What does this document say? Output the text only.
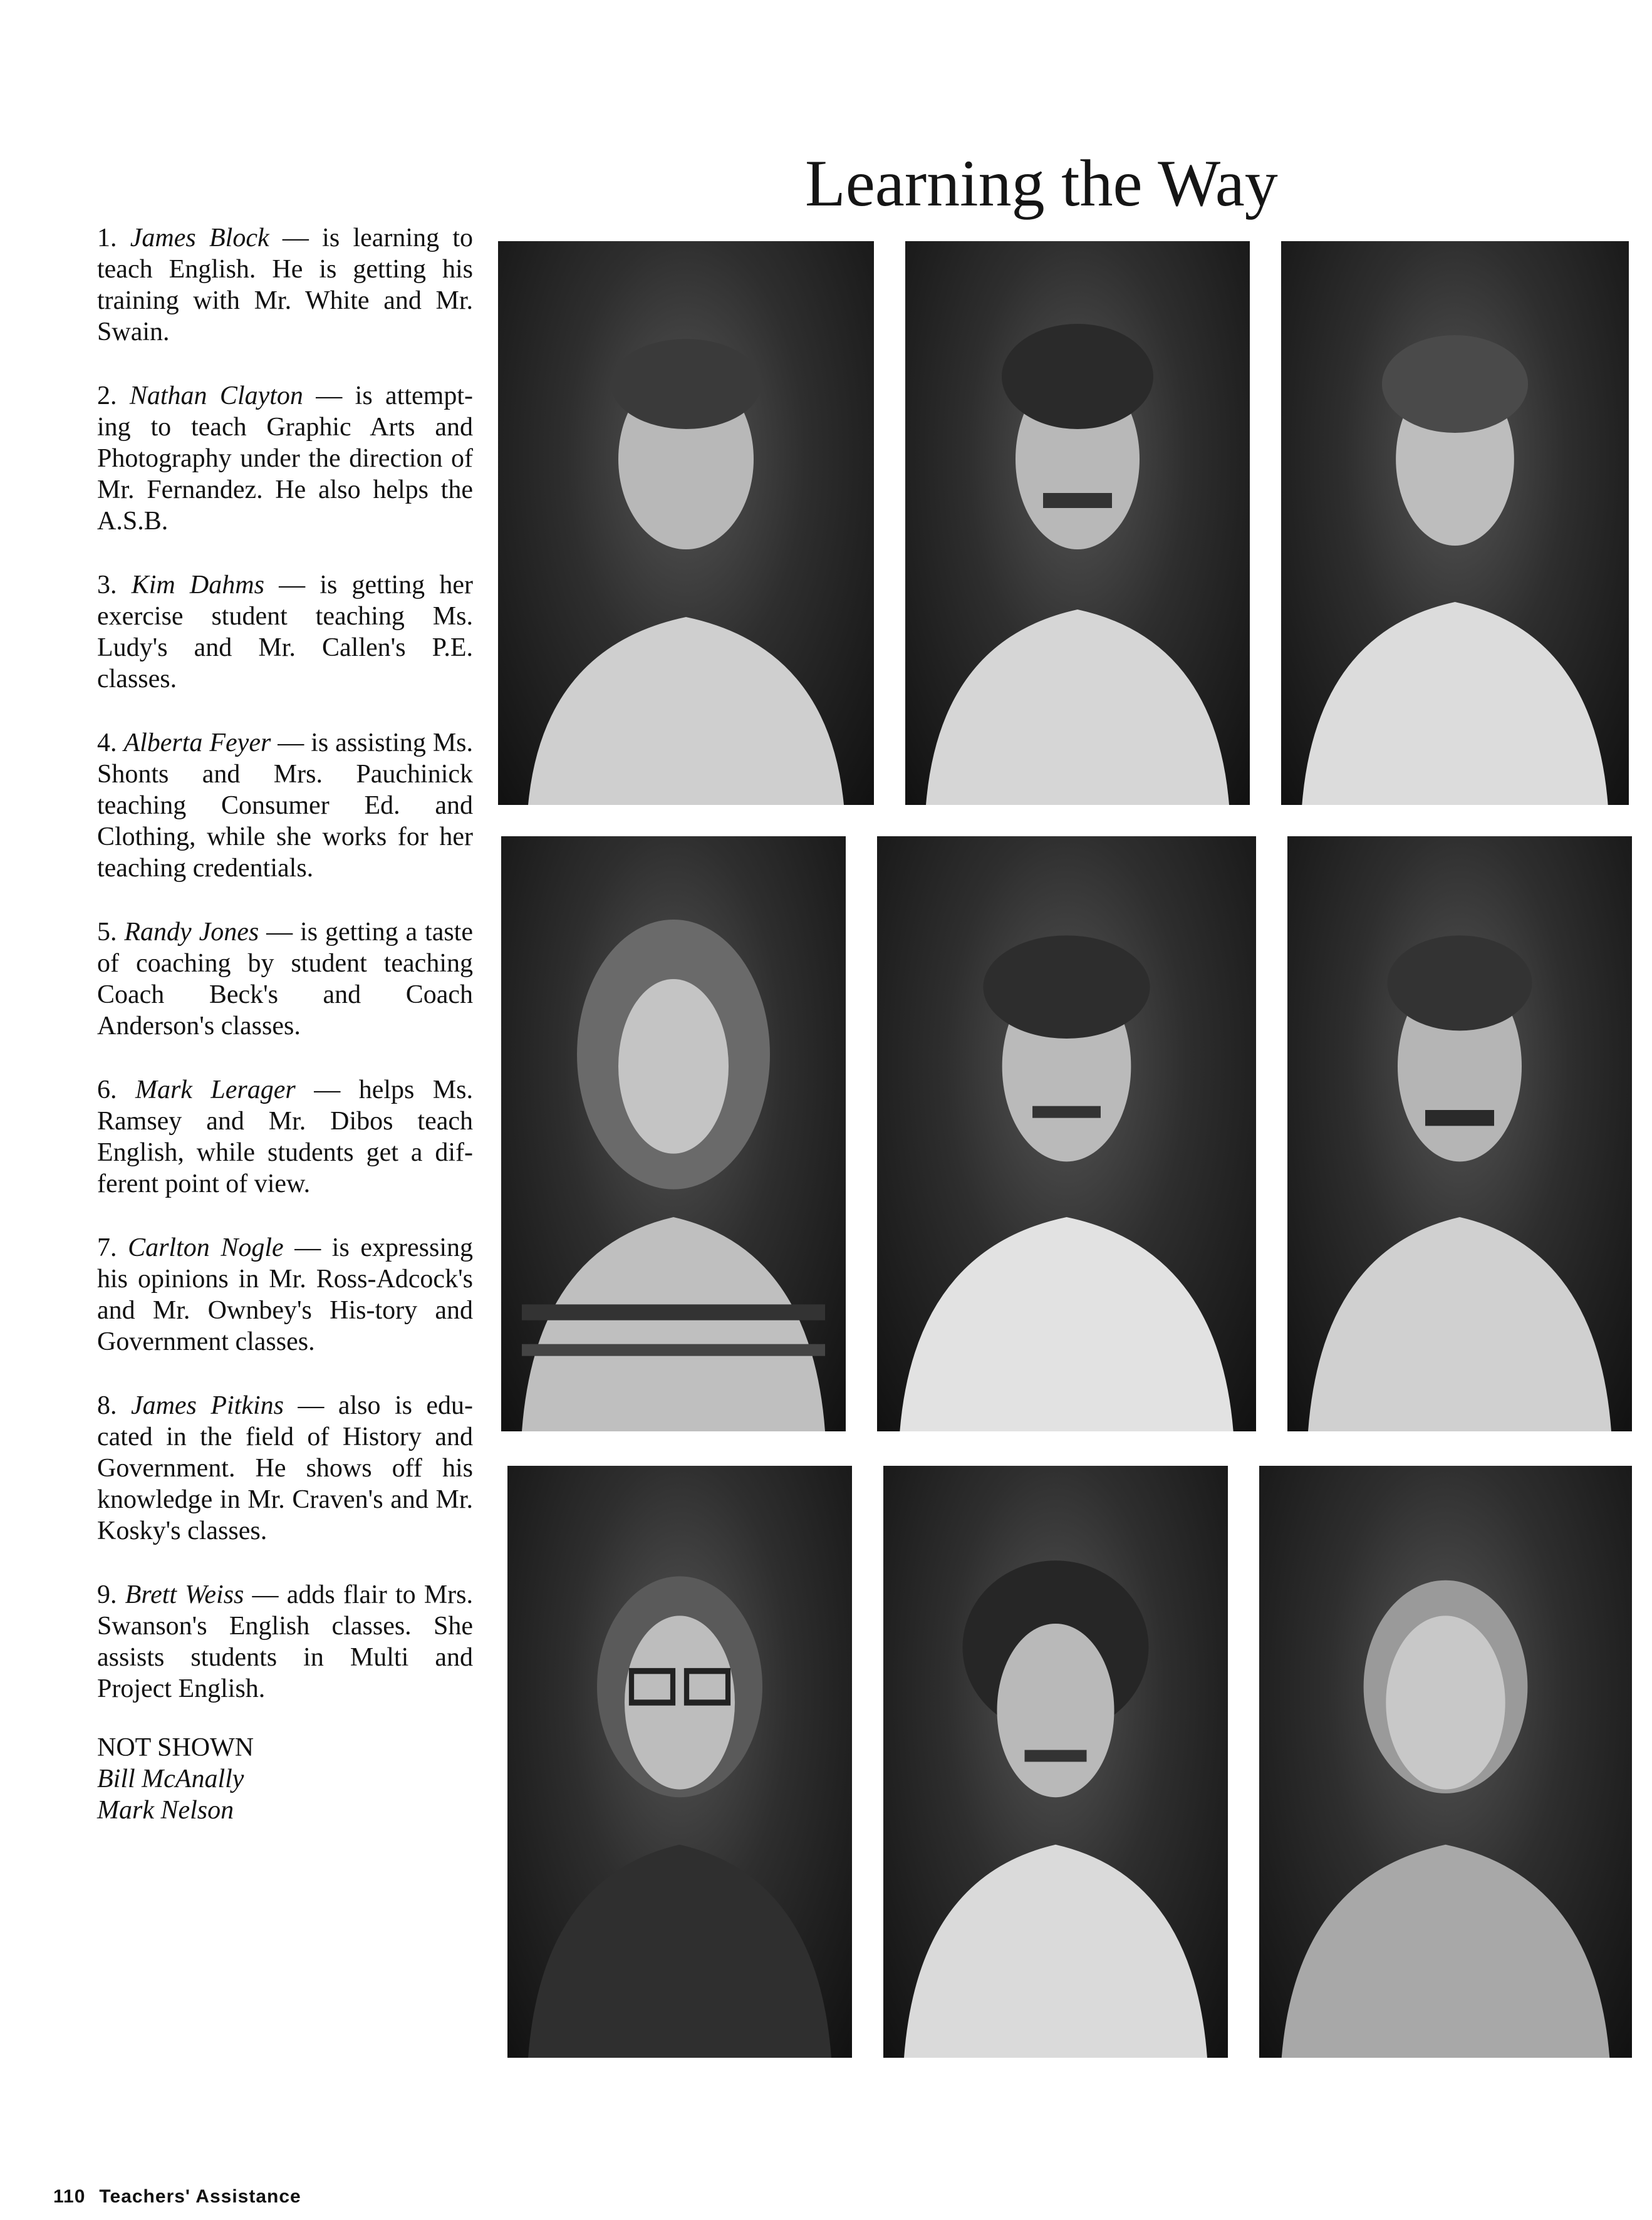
Learning the Way

1. James Block — is learning to teach English. He is getting his training with Mr. White and Mr. Swain.

2. Nathan Clayton — is attempt-ing to teach Graphic Arts and Photography under the direction of Mr. Fernandez. He also helps the A.S.B.

3. Kim Dahms — is getting her exercise student teaching Ms. Ludy's and Mr. Callen's P.E. classes.

4. Alberta Feyer — is assisting Ms. Shonts and Mrs. Pauchinick teaching Consumer Ed. and Clothing, while she works for her teaching credentials.

5. Randy Jones — is getting a taste of coaching by student teaching Coach Beck's and Coach Anderson's classes.

6. Mark Lerager — helps Ms. Ramsey and Mr. Dibos teach English, while students get a dif-ferent point of view.

7. Carlton Nogle — is expressing his opinions in Mr. Ross-Adcock's and Mr. Ownbey's His-tory and Government classes.

8. James Pitkins — also is edu-cated in the field of History and Government. He shows off his knowledge in Mr. Craven's and Mr. Kosky's classes.

9. Brett Weiss — adds flair to Mrs. Swanson's English classes. She assists students in Multi and Project English.

NOT SHOWN
Bill McAnally
Mark Nelson
110 Teachers' Assistance
